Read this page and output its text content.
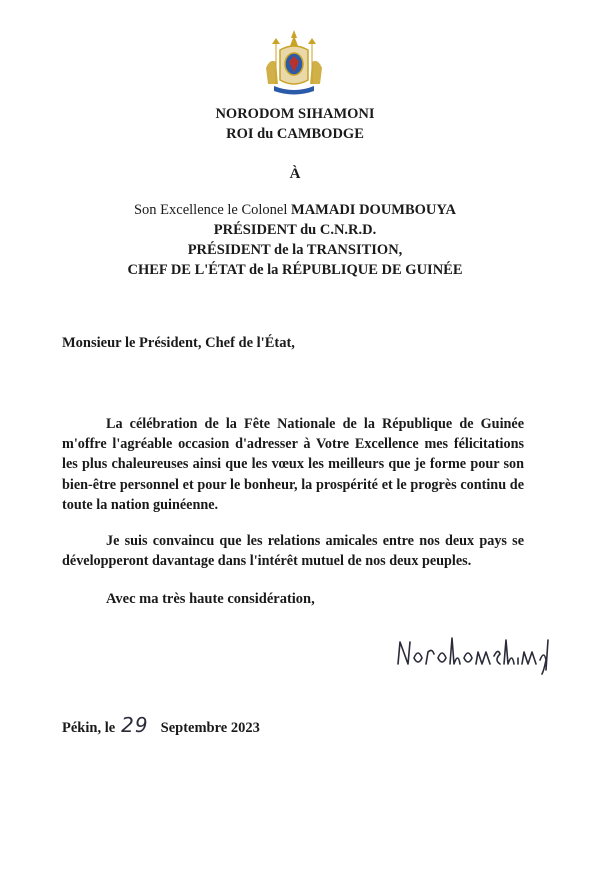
NORODOM SIHAMONI
ROI du CAMBODGE
À
Son Excellence le Colonel MAMADI DOUMBOUYA
PRÉSIDENT du C.N.R.D.
PRÉSIDENT de la TRANSITION,
CHEF DE L'ÉTAT de la RÉPUBLIQUE DE GUINÉE
Monsieur le Président, Chef de l'État,
La célébration de la Fête Nationale de la République de Guinée m'offre l'agréable occasion d'adresser à Votre Excellence mes félicitations les plus chaleureuses ainsi que les vœux les meilleurs que je forme pour son bien-être personnel et pour le bonheur, la prospérité et le progrès continu de toute la nation guinéenne.
Je suis convaincu que les relations amicales entre nos deux pays se développeront davantage dans l'intérêt mutuel de nos deux peuples.
Avec ma très haute considération,
Pékin, le 29 Septembre 2023
